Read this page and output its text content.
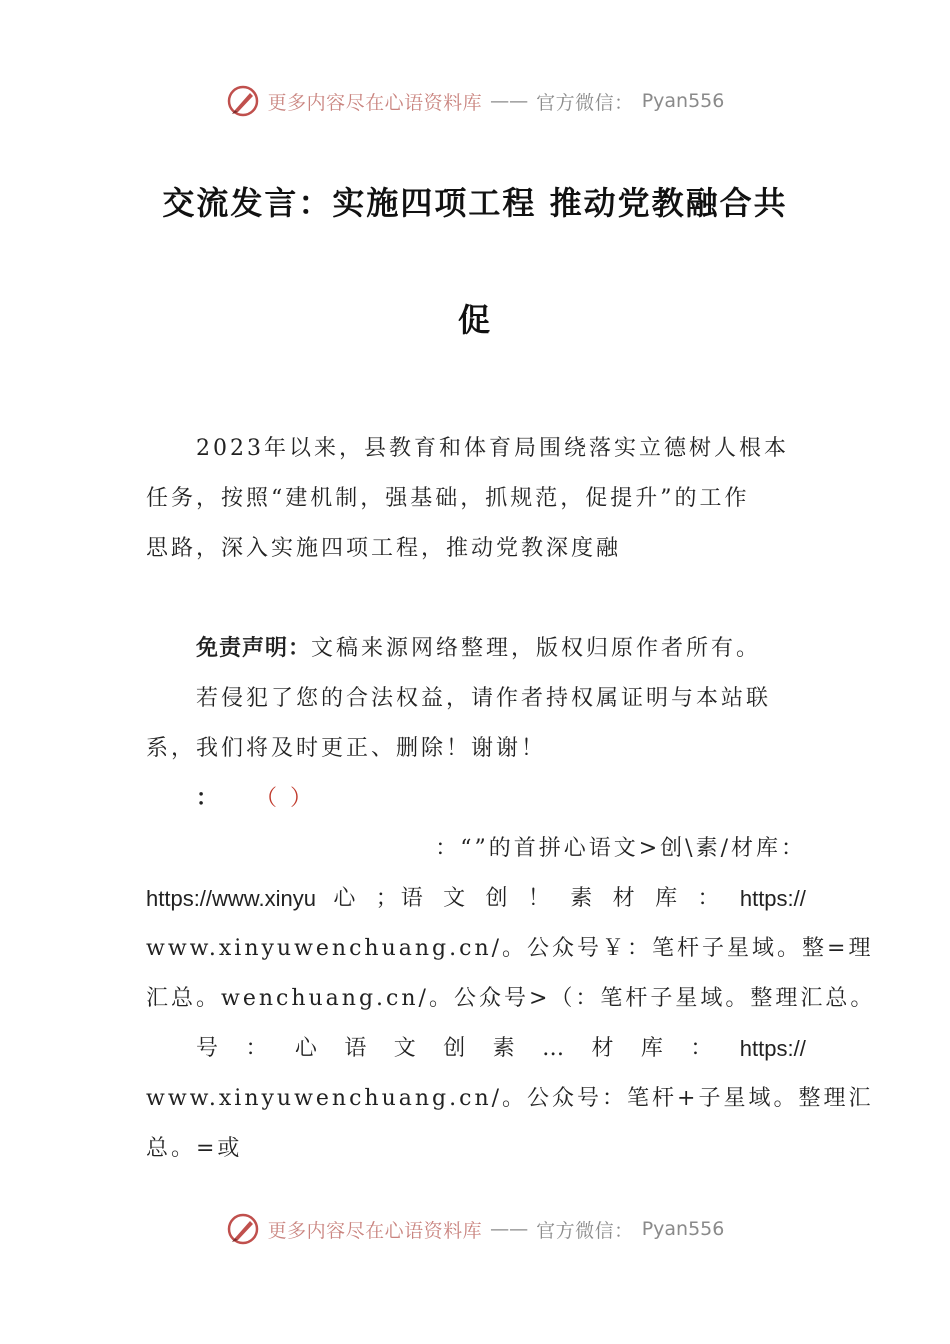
更多内容尽在心语资料库 —— 官方微信： Pyan556
交流发言：实施四项工程 推动党教融合共
促
2023年以来，县教育和体育局围绕落实立德树人根本
任务，按照“建机制，强基础，抓规范，促提升”的工作
思路，深入实施四项工程，推动党教深度融
免责声明：文稿来源网络整理，版权归原作者所有。
若侵犯了您的合法权益，请作者持权属证明与本站联
系，我们将及时更正、删除！谢谢！
： （ ）
：“”的首拼心语文>创\素/材库：
https://www.xinyu 心 ；语 文 创 ！ 素 材 库 ： https://
www.xinyuwenchuang.cn/。公众号￥：笔杆子星域。整=理
汇总。wenchuang.cn/。公众号>（：笔杆子星域。整理汇总。
号 ： 心 语 文 创 素 … 材 库 ： https://
www.xinyuwenchuang.cn/。公众号：笔杆+子星域。整理汇
总。=或
更多内容尽在心语资料库 —— 官方微信： Pyan556
